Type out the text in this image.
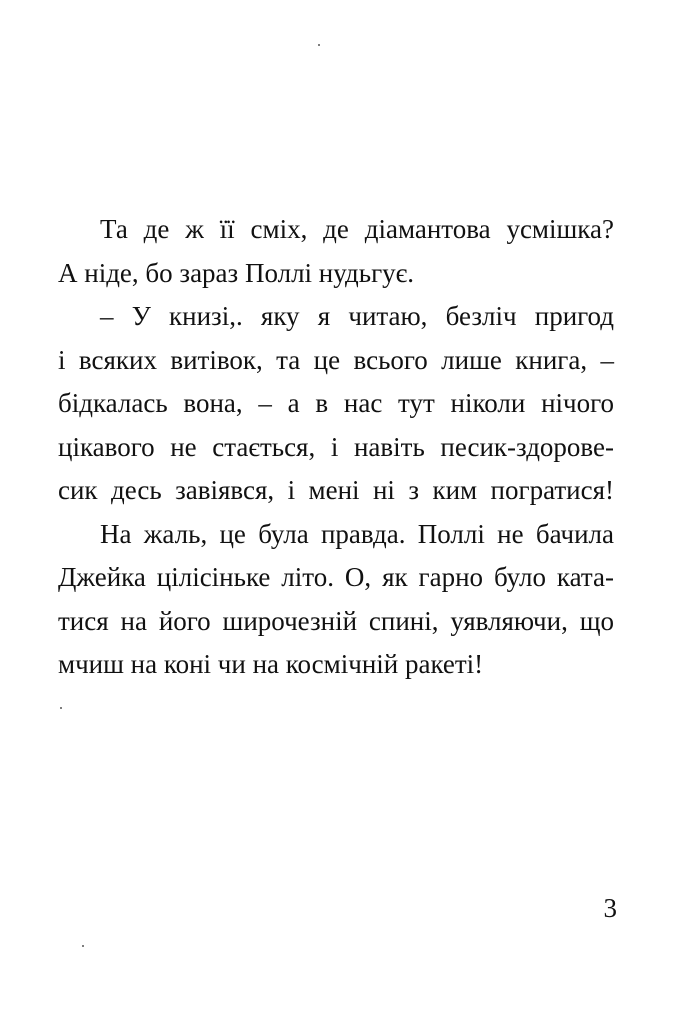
Та де ж її сміх, де діамантова усмішка?
А ніде, бо зараз Поллі нудьгує.

– У книзі,. яку я читаю, безліч пригод
і всяких витівок, та це всього лише книга, –
бідкалась вона, – а в нас тут ніколи нічого
цікавого не стається, і навіть песик-здорове-
сик десь завіявся, і мені ні з ким погратися!

На жаль, це була правда. Поллі не бачила
Джейка цілісіньке літо. О, як гарно було ката-
тися на його широчезній спині, уявляючи, що
мчиш на коні чи на космічній ракеті!

3
